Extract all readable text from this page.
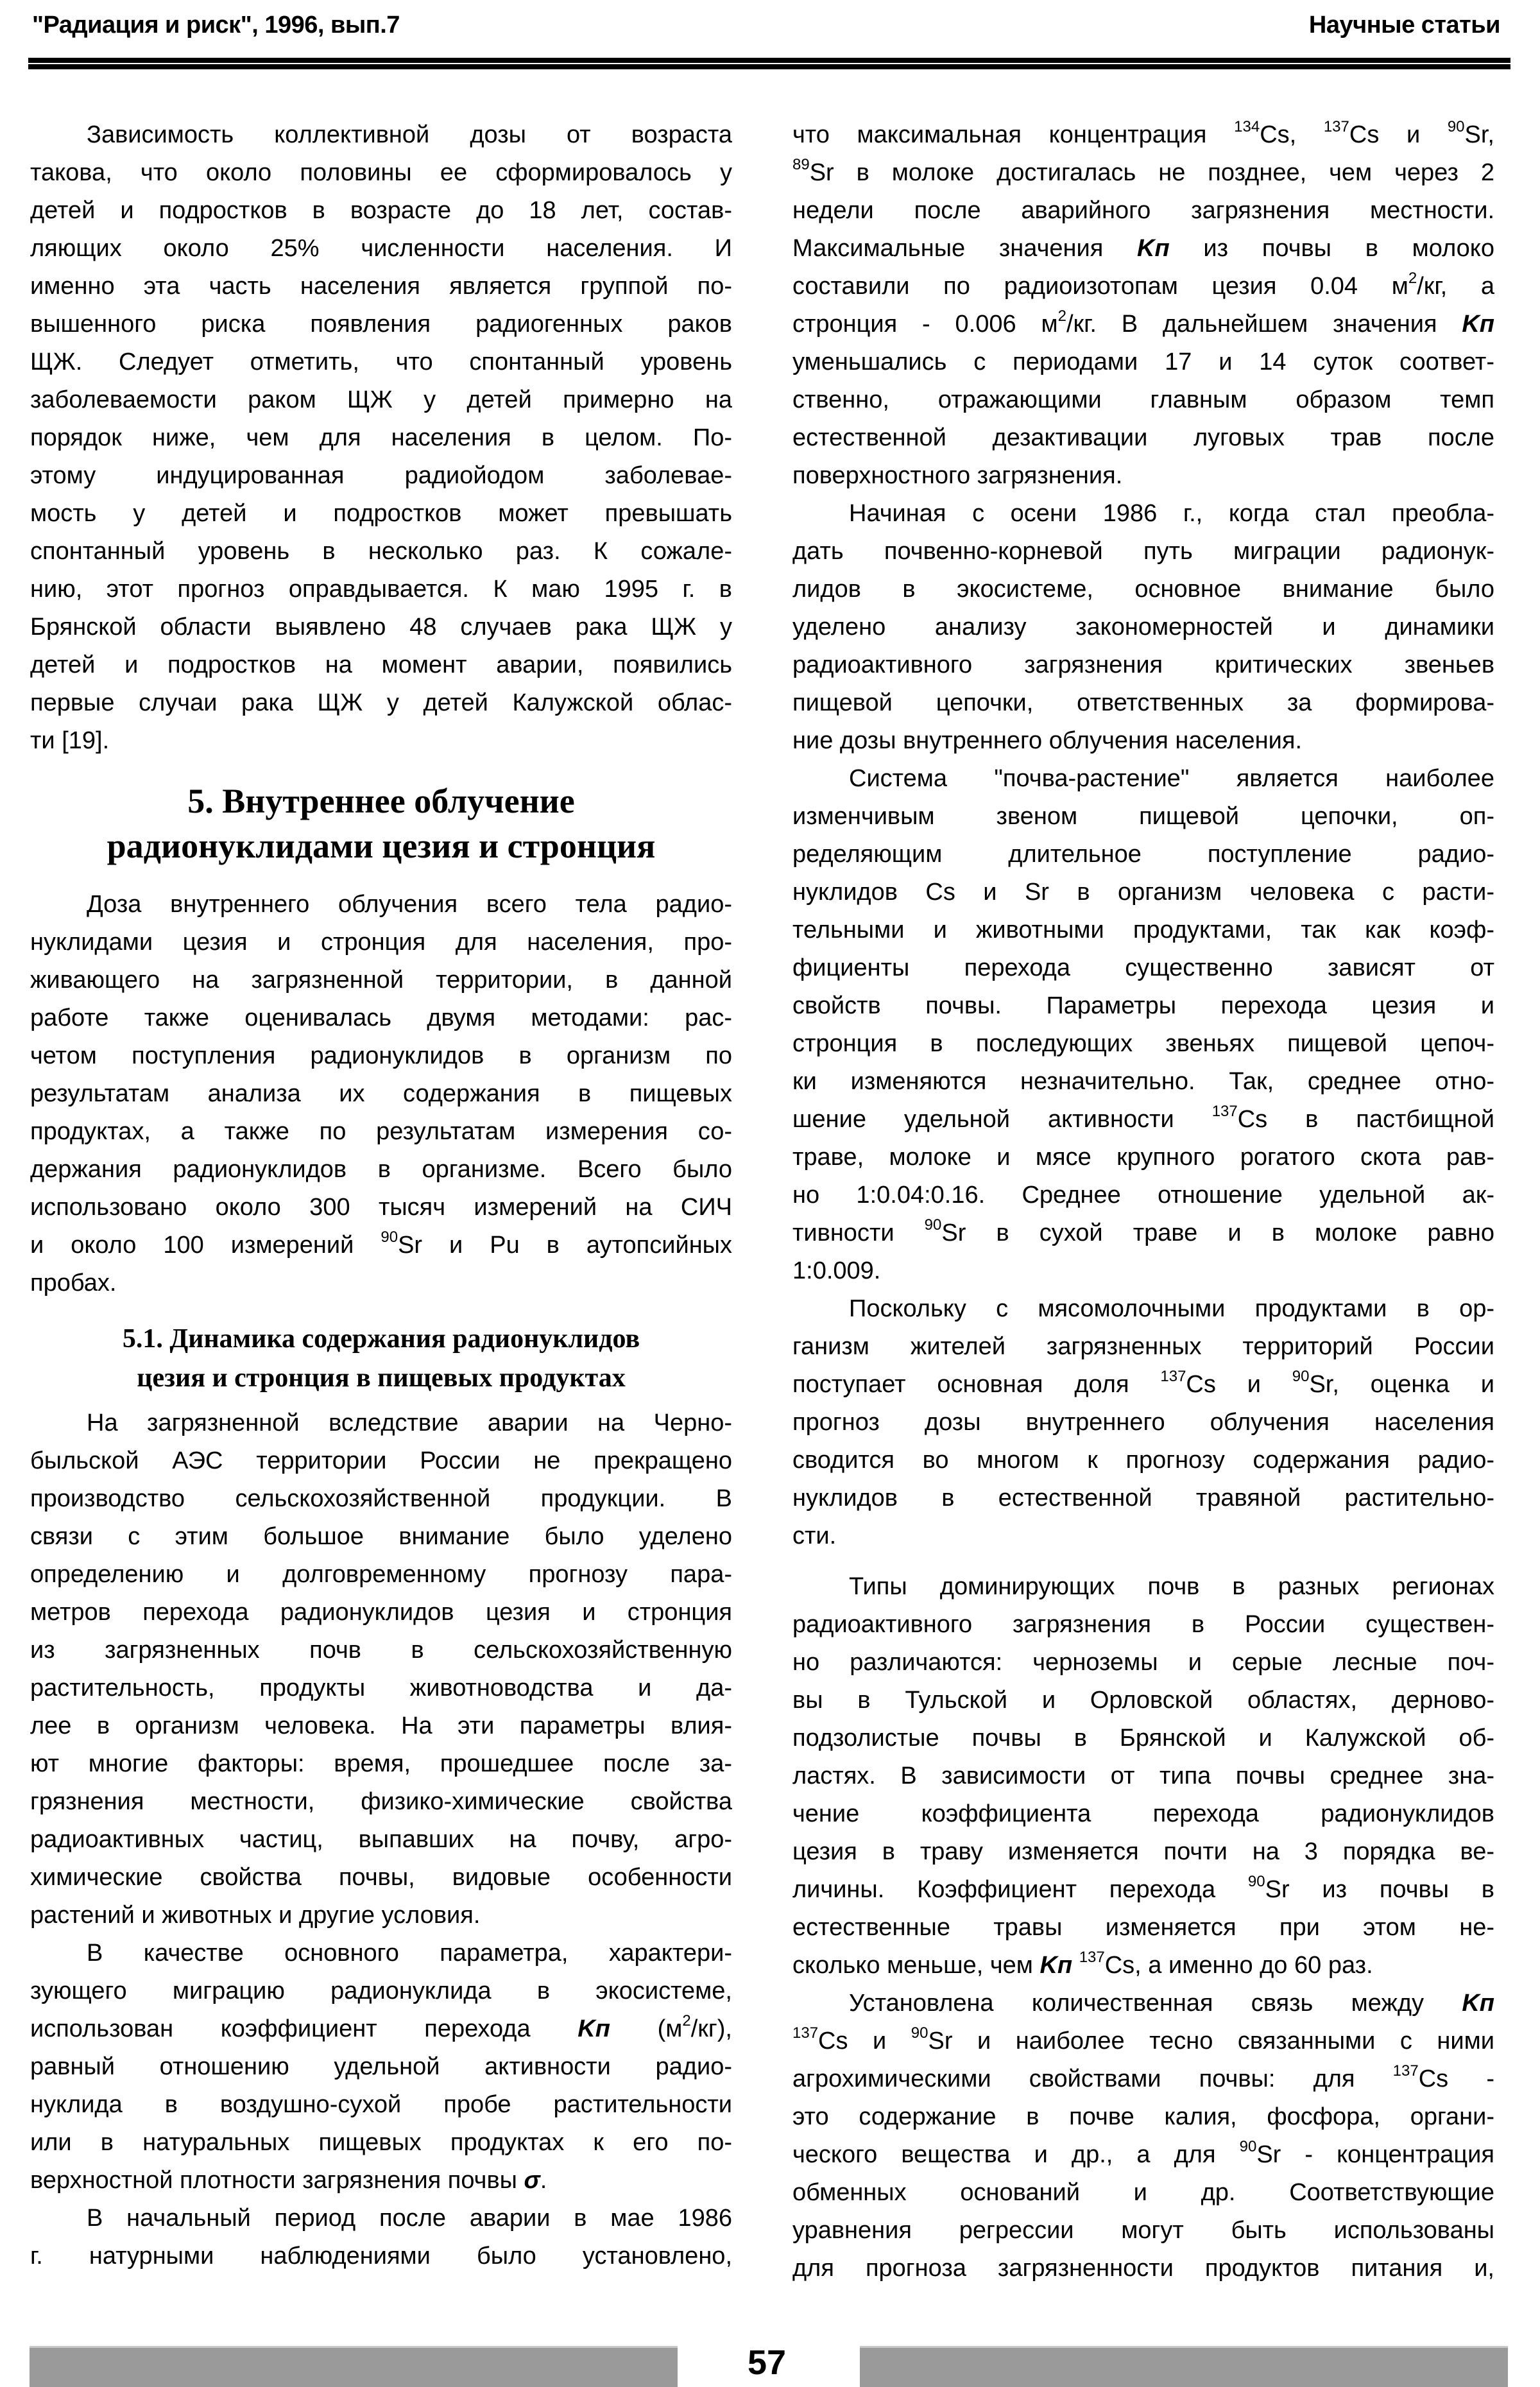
"Радиация и риск", 1996, вып.7	Научные статьи
Зависимость коллективной дозы от возраста
такова, что около половины ее сформировалось у
детей и подростков в возрасте до 18 лет, состав-
ляющих около 25% численности населения. И
именно эта часть населения является группой по-
вышенного риска появления радиогенных раков
ЩЖ. Следует отметить, что спонтанный уровень
заболеваемости раком ЩЖ у детей примерно на
порядок ниже, чем для населения в целом. По-
этому индуцированная радиойодом заболевае-
мость у детей и подростков может превышать
спонтанный уровень в несколько раз. К сожале-
нию, этот прогноз оправдывается. К маю 1995 г. в
Брянской области выявлено 48 случаев рака ЩЖ у
детей и подростков на момент аварии, появились
первые случаи рака ЩЖ у детей Калужской облас-
ти [19].
5. Внутреннее облучение
радионуклидами цезия и стронция
Доза внутреннего облучения всего тела радио-
нуклидами цезия и стронция для населения, про-
живающего на загрязненной территории, в данной
работе также оценивалась двумя методами: рас-
четом поступления радионуклидов в организм по
результатам анализа их содержания в пищевых
продуктах, а также по результатам измерения со-
держания радионуклидов в организме. Всего было
использовано около 300 тысяч измерений на СИЧ
и около 100 измерений $^{90}$Sr и Pu в аутопсийных
пробах.
5.1. Динамика содержания радионуклидов
цезия и стронция в пищевых продуктах
На загрязненной вследствие аварии на Черно-
быльской АЭС территории России не прекращено
производство сельскохозяйственной продукции. В
связи с этим большое внимание было уделено
определению и долговременному прогнозу пара-
метров перехода радионуклидов цезия и стронция
из загрязненных почв в сельскохозяйственную
растительность, продукты животноводства и да-
лее в организм человека. На эти параметры влия-
ют многие факторы: время, прошедшее после за-
грязнения местности, физико-химические свойства
радиоактивных частиц, выпавших на почву, агро-
химические свойства почвы, видовые особенности
растений и животных и другие условия.
В качестве основного параметра, характери-
зующего миграцию радионуклида в экосистеме,
использован коэффициент перехода Kп $(м^2/кг)$,
равный отношению удельной активности радио-
нуклида в воздушно-сухой пробе растительности
или в натуральных пищевых продуктах к его по-
верхностной плотности загрязнения почвы σ.
В начальный период после аварии в мае 1986
г. натурными наблюдениями было установлено,
что максимальная концентрация $^{134}$Cs, $^{137}$Cs и $^{90}$Sr,
$^{89}$Sr в молоке достигалась не позднее, чем через 2
недели после аварийного загрязнения местности.
Максимальные значения Kп из почвы в молоко
составили по радиоизотопам цезия 0.04 $м^2/кг$, а
стронция - 0.006 $м^2/кг$. В дальнейшем значения Kп
уменьшались с периодами 17 и 14 суток соответ-
ственно, отражающими главным образом темп
естественной дезактивации луговых трав после
поверхностного загрязнения.
Начиная с осени 1986 г., когда стал преобла-
дать почвенно-корневой путь миграции радионук-
лидов в экосистеме, основное внимание было
уделено анализу закономерностей и динамики
радиоактивного загрязнения критических звеньев
пищевой цепочки, ответственных за формирова-
ние дозы внутреннего облучения населения.
Система "почва-растение" является наиболее
изменчивым звеном пищевой цепочки, оп-
ределяющим длительное поступление радио-
нуклидов Cs и Sr в организм человека с расти-
тельными и животными продуктами, так как коэф-
фициенты перехода существенно зависят от
свойств почвы. Параметры перехода цезия и
стронция в последующих звеньях пищевой цепоч-
ки изменяются незначительно. Так, среднее отно-
шение удельной активности $^{137}$Cs в пастбищной
траве, молоке и мясе крупного рогатого скота рав-
но 1:0.04:0.16. Среднее отношение удельной ак-
тивности $^{90}$Sr в сухой траве и в молоке равно
1:0.009.
Поскольку с мясомолочными продуктами в ор-
ганизм жителей загрязненных территорий России
поступает основная доля $^{137}$Cs и $^{90}$Sr, оценка и
прогноз дозы внутреннего облучения населения
сводится во многом к прогнозу содержания радио-
нуклидов в естественной травяной растительно-
сти.
Типы доминирующих почв в разных регионах
радиоактивного загрязнения в России существен-
но различаются: черноземы и серые лесные поч-
вы в Тульской и Орловской областях, дерново-
подзолистые почвы в Брянской и Калужской об-
ластях. В зависимости от типа почвы среднее зна-
чение коэффициента перехода радионуклидов
цезия в траву изменяется почти на 3 порядка ве-
личины. Коэффициент перехода $^{90}$Sr из почвы в
естественные травы изменяется при этом не-
сколько меньше, чем Kп $^{137}$Cs, а именно до 60 раз.
Установлена количественная связь между Kп
$^{137}$Cs и $^{90}$Sr и наиболее тесно связанными с ними
агрохимическими свойствами почвы: для $^{137}$Cs -
это содержание в почве калия, фосфора, органи-
ческого вещества и др., а для $^{90}$Sr - концентрация
обменных оснований и др. Соответствующие
уравнения регрессии могут быть использованы
для прогноза загрязненности продуктов питания и,
57
